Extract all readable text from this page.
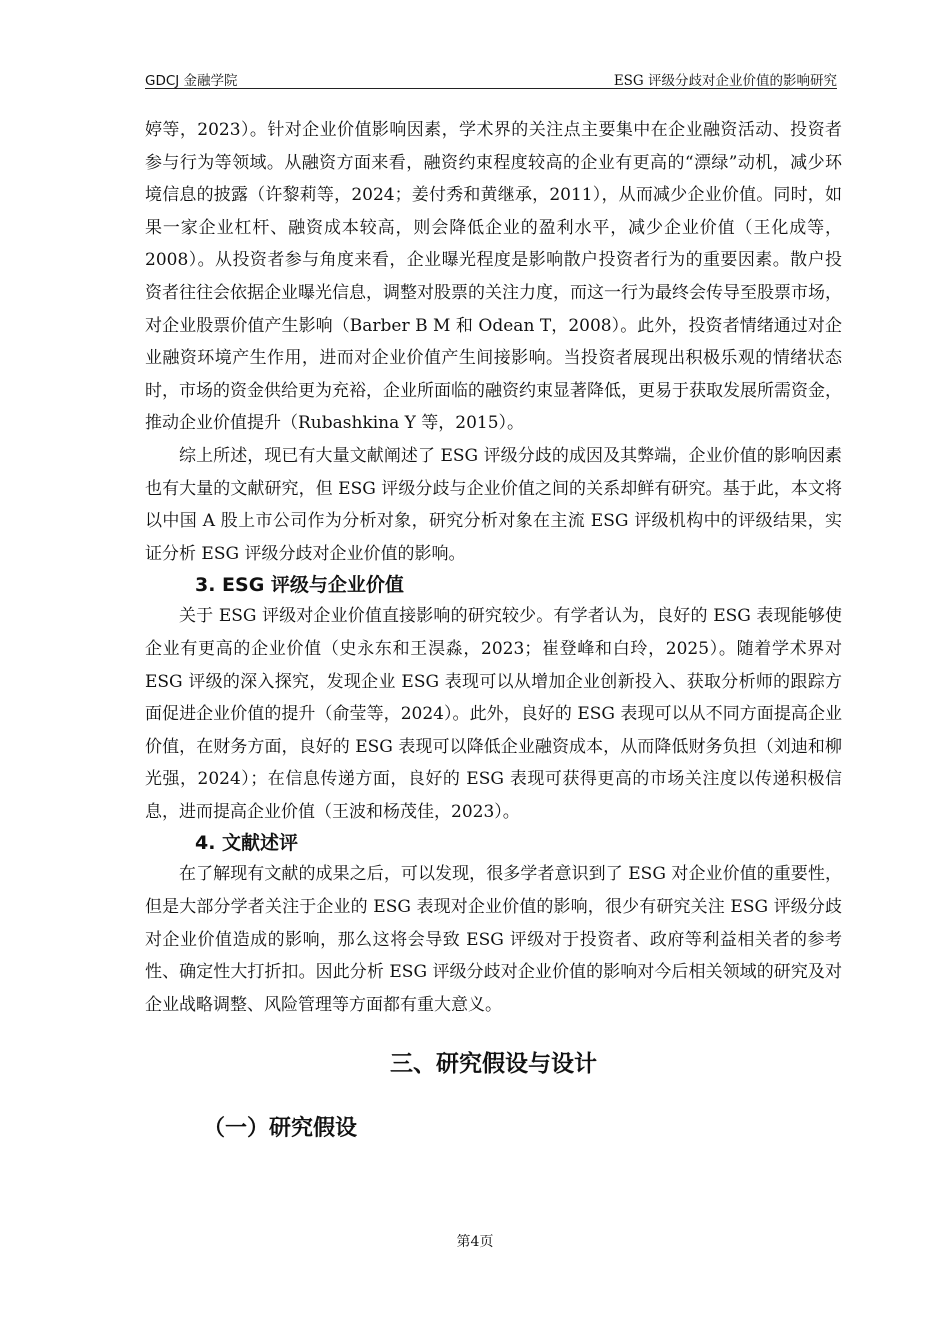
GDCJ 金融学院	ESG 评级分歧对企业价值的影响研究

婷等，2023）。针对企业价值影响因素，学术界的关注点主要集中在企业融资活动、投资者参与行为等领域。从融资方面来看，融资约束程度较高的企业有更高的“漂绿”动机，减少环境信息的披露（许黎莉等，2024；姜付秀和黄继承，2011），从而减少企业价值。同时，如果一家企业杠杆、融资成本较高，则会降低企业的盈利水平，减少企业价值（王化成等，2008）。从投资者参与角度来看，企业曝光程度是影响散户投资者行为的重要因素。散户投资者往往会依据企业曝光信息，调整对股票的关注力度，而这一行为最终会传导至股票市场，对企业股票价值产生影响（Barber B M 和 Odean T，2008）。此外，投资者情绪通过对企业融资环境产生作用，进而对企业价值产生间接影响。当投资者展现出积极乐观的情绪状态时，市场的资金供给更为充裕，企业所面临的融资约束显著降低，更易于获取发展所需资金，推动企业价值提升（Rubashkina Y 等，2015）。

综上所述，现已有大量文献阐述了 ESG 评级分歧的成因及其弊端，企业价值的影响因素也有大量的文献研究，但 ESG 评级分歧与企业价值之间的关系却鲜有研究。基于此，本文将以中国 A 股上市公司作为分析对象，研究分析对象在主流 ESG 评级机构中的评级结果，实证分析 ESG 评级分歧对企业价值的影响。

3. ESG 评级与企业价值

关于 ESG 评级对企业价值直接影响的研究较少。有学者认为，良好的 ESG 表现能够使企业有更高的企业价值（史永东和王淏淼，2023；崔登峰和白玲，2025）。随着学术界对 ESG 评级的深入探究，发现企业 ESG 表现可以从增加企业创新投入、获取分析师的跟踪方面促进企业价值的提升（俞莹等，2024）。此外，良好的 ESG 表现可以从不同方面提高企业价值，在财务方面，良好的 ESG 表现可以降低企业融资成本，从而降低财务负担（刘迪和柳光强，2024）；在信息传递方面，良好的 ESG 表现可获得更高的市场关注度以传递积极信息，进而提高企业价值（王波和杨茂佳，2023）。

4. 文献述评

在了解现有文献的成果之后，可以发现，很多学者意识到了 ESG 对企业价值的重要性，但是大部分学者关注于企业的 ESG 表现对企业价值的影响，很少有研究关注 ESG 评级分歧对企业价值造成的影响，那么这将会导致 ESG 评级对于投资者、政府等利益相关者的参考性、确定性大打折扣。因此分析 ESG 评级分歧对企业价值的影响对今后相关领域的研究及对企业战略调整、风险管理等方面都有重大意义。

三、研究假设与设计
（一）研究假设
第4页
